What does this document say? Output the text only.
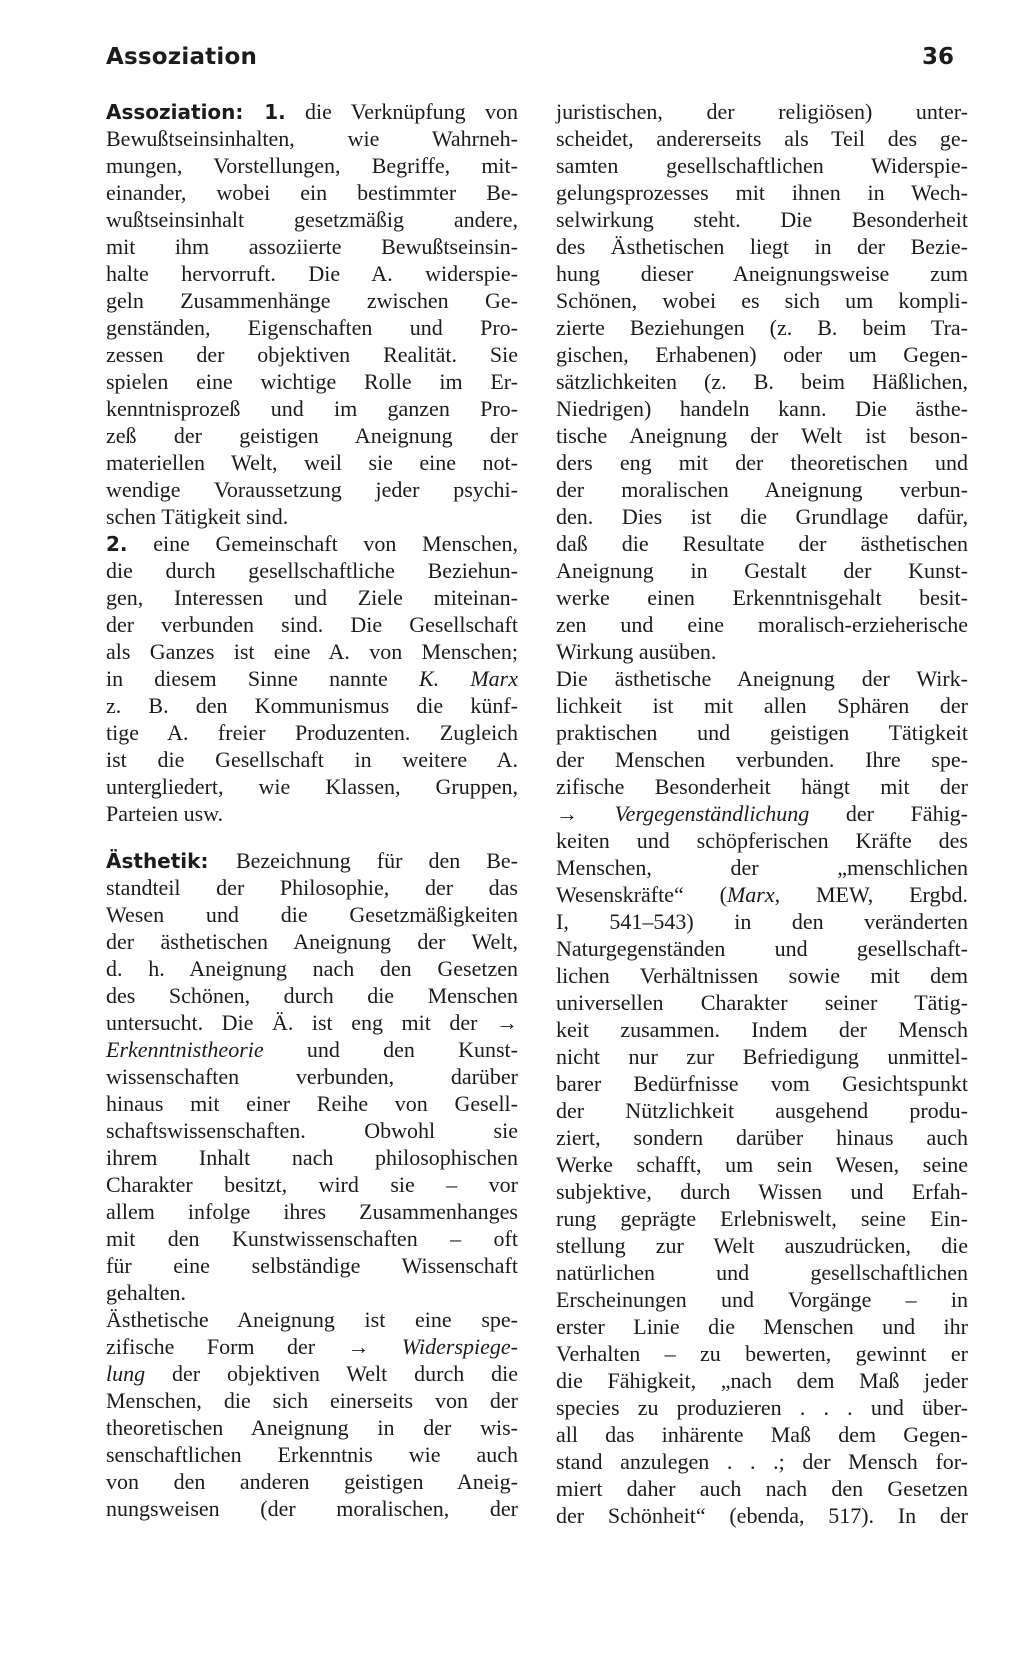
Assoziation	36
Assoziation: 1. die Verknüpfung von
Bewußtseinsinhalten, wie Wahrneh-
mungen, Vorstellungen, Begriffe, mit-
einander, wobei ein bestimmter Be-
wußtseinsinhalt gesetzmäßig andere,
mit ihm assoziierte Bewußtseinsin-
halte hervorruft. Die A. widerspie-
geln Zusammenhänge zwischen Ge-
genständen, Eigenschaften und Pro-
zessen der objektiven Realität. Sie
spielen eine wichtige Rolle im Er-
kenntnisprozeß und im ganzen Pro-
zeß der geistigen Aneignung der
materiellen Welt, weil sie eine not-
wendige Voraussetzung jeder psychi-
schen Tätigkeit sind.
2. eine Gemeinschaft von Menschen,
die durch gesellschaftliche Beziehun-
gen, Interessen und Ziele miteinan-
der verbunden sind. Die Gesellschaft
als Ganzes ist eine A. von Menschen;
in diesem Sinne nannte K. Marx
z. B. den Kommunismus die künf-
tige A. freier Produzenten. Zugleich
ist die Gesellschaft in weitere A.
untergliedert, wie Klassen, Gruppen,
Parteien usw.
Ästhetik: Bezeichnung für den Be-
standteil der Philosophie, der das
Wesen und die Gesetzmäßigkeiten
der ästhetischen Aneignung der Welt,
d. h. Aneignung nach den Gesetzen
des Schönen, durch die Menschen
untersucht. Die Ä. ist eng mit der →
Erkenntnistheorie und den Kunst-
wissenschaften verbunden, darüber
hinaus mit einer Reihe von Gesell-
schaftswissenschaften. Obwohl sie
ihrem Inhalt nach philosophischen
Charakter besitzt, wird sie – vor
allem infolge ihres Zusammenhanges
mit den Kunstwissenschaften – oft
für eine selbständige Wissenschaft
gehalten.
Ästhetische Aneignung ist eine spe-
zifische Form der → Widerspiege-
lung der objektiven Welt durch die
Menschen, die sich einerseits von der
theoretischen Aneignung in der wis-
senschaftlichen Erkenntnis wie auch
von den anderen geistigen Aneig-
nungsweisen (der moralischen, der
juristischen, der religiösen) unter-
scheidet, andererseits als Teil des ge-
samten gesellschaftlichen Widerspie-
gelungsprozesses mit ihnen in Wech-
selwirkung steht. Die Besonderheit
des Ästhetischen liegt in der Bezie-
hung dieser Aneignungsweise zum
Schönen, wobei es sich um kompli-
zierte Beziehungen (z. B. beim Tra-
gischen, Erhabenen) oder um Gegen-
sätzlichkeiten (z. B. beim Häßlichen,
Niedrigen) handeln kann. Die ästhe-
tische Aneignung der Welt ist beson-
ders eng mit der theoretischen und
der moralischen Aneignung verbun-
den. Dies ist die Grundlage dafür,
daß die Resultate der ästhetischen
Aneignung in Gestalt der Kunst-
werke einen Erkenntnisgehalt besit-
zen und eine moralisch-erzieherische
Wirkung ausüben.
Die ästhetische Aneignung der Wirk-
lichkeit ist mit allen Sphären der
praktischen und geistigen Tätigkeit
der Menschen verbunden. Ihre spe-
zifische Besonderheit hängt mit der
→ Vergegenständlichung der Fähig-
keiten und schöpferischen Kräfte des
Menschen, der „menschlichen
Wesenskräfte“ (Marx, MEW, Ergbd.
I, 541–543) in den veränderten
Naturgegenständen und gesellschaft-
lichen Verhältnissen sowie mit dem
universellen Charakter seiner Tätig-
keit zusammen. Indem der Mensch
nicht nur zur Befriedigung unmittel-
barer Bedürfnisse vom Gesichtspunkt
der Nützlichkeit ausgehend produ-
ziert, sondern darüber hinaus auch
Werke schafft, um sein Wesen, seine
subjektive, durch Wissen und Erfah-
rung geprägte Erlebniswelt, seine Ein-
stellung zur Welt auszudrücken, die
natürlichen und gesellschaftlichen
Erscheinungen und Vorgänge – in
erster Linie die Menschen und ihr
Verhalten – zu bewerten, gewinnt er
die Fähigkeit, „nach dem Maß jeder
species zu produzieren . . . und über-
all das inhärente Maß dem Gegen-
stand anzulegen . . .; der Mensch for-
miert daher auch nach den Gesetzen
der Schönheit“ (ebenda, 517). In der
